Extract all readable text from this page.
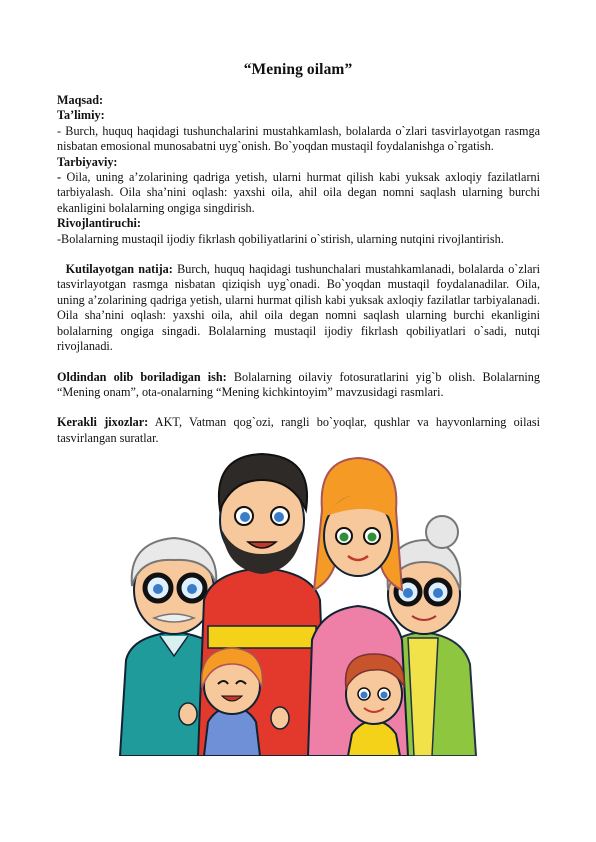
“Mening oilam”

Maqsad:

Ta’limiy:

- Burch, huquq haqidagi tushunchalarini mustahkamlash, bolalarda o`zlari tasvirlayotgan rasmga nisbatan emosional munosabatni uyg`onish. Bo`yoqdan mustaqil foydalanishga o`rgatish.

Tarbiyaviy:

- Oila, uning a’zolarining qadriga yetish, ularni hurmat qilish kabi yuksak axloqiy fazilatlarni tarbiyalash. Oila sha’nini oqlash: yaxshi oila, ahil oila degan nomni saqlash ularning burchi ekanligini bolalarning ongiga singdirish.

Rivojlantiruchi:

-Bolalarning mustaqil ijodiy fikrlash qobiliyatlarini o`stirish, ularning nutqini rivojlantirish.

Kutilayotgan natija: Burch, huquq haqidagi tushunchalari mustahkamlanadi, bolalarda o`zlari tasvirlayotgan rasmga nisbatan qiziqish uyg`onadi. Bo`yoqdan mustaqil foydalanadilar. Oila, uning a’zolarining qadriga yetish, ularni hurmat qilish kabi yuksak axloqiy fazilatlar tarbiyalanadi. Oila sha’nini oqlash: yaxshi oila, ahil oila degan nomni saqlash ularning burchi ekanligini bolalarning ongiga singadi. Bolalarning mustaqil ijodiy fikrlash qobiliyatlari o`sadi, nutqi rivojlanadi.

Oldindan olib boriladigan ish: Bolalarning oilaviy fotosuratlarini yig`b olish. Bolalarning “Mening onam”, ota-onalarning “Mening kichkintoyim” mavzusidagi rasmlari.

Kerakli jixozlar: AKT, Vatman qog`ozi, rangli bo`yoqlar, qushlar va hayvonlarning oilasi tasvirlangan suratlar.
